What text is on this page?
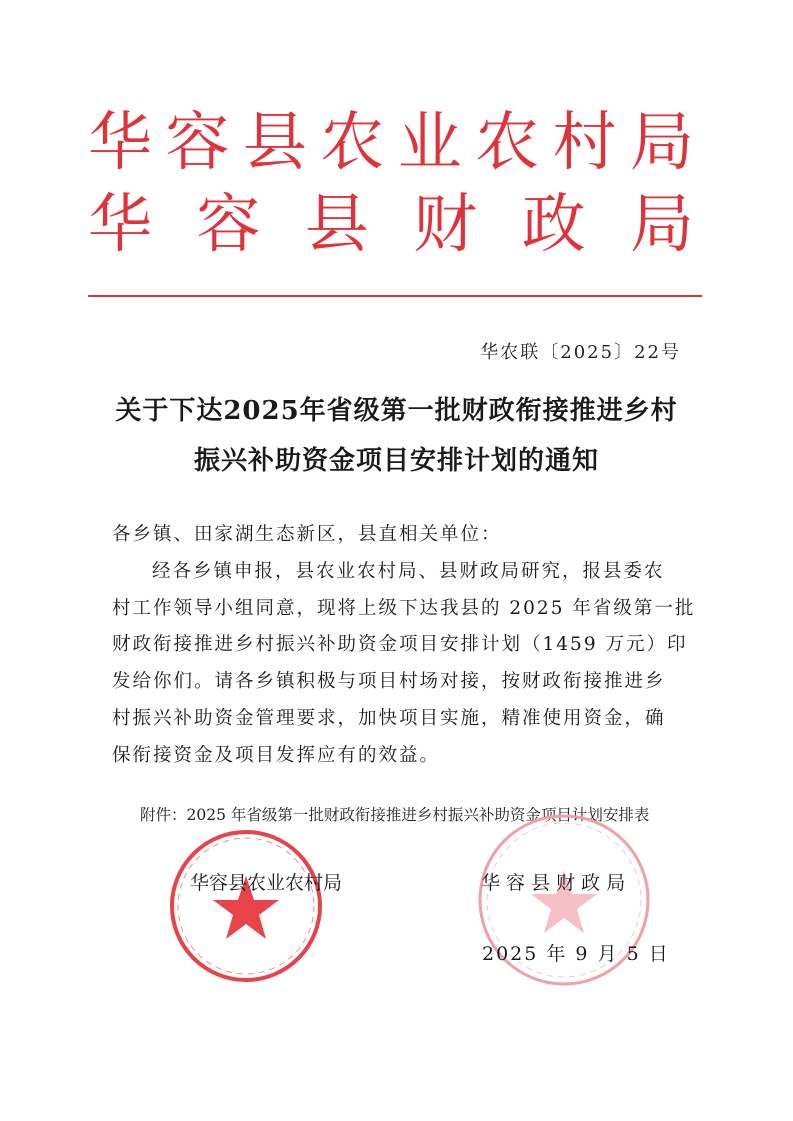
华 容 县 农 业 农 村 局
华 容 县 财 政 局
华农联〔2025〕22号
关于下达2025年省级第一批财政衔接推进乡村
振兴补助资金项目安排计划的通知
各乡镇、田家湖生态新区，县直相关单位：
经各乡镇申报，县农业农村局、县财政局研究，报县委农
村工作领导小组同意，现将上级下达我县的 2025 年省级第一批
财政衔接推进乡村振兴补助资金项目安排计划（1459 万元）印
发给你们。请各乡镇积极与项目村场对接，按财政衔接推进乡
村振兴补助资金管理要求，加快项目实施，精准使用资金，确
保衔接资金及项目发挥应有的效益。
附件：2025 年省级第一批财政衔接推进乡村振兴补助资金项目计划安排表
华容县农业农村局	华 容 县 财 政 局
2025 年 9 月 5 日
